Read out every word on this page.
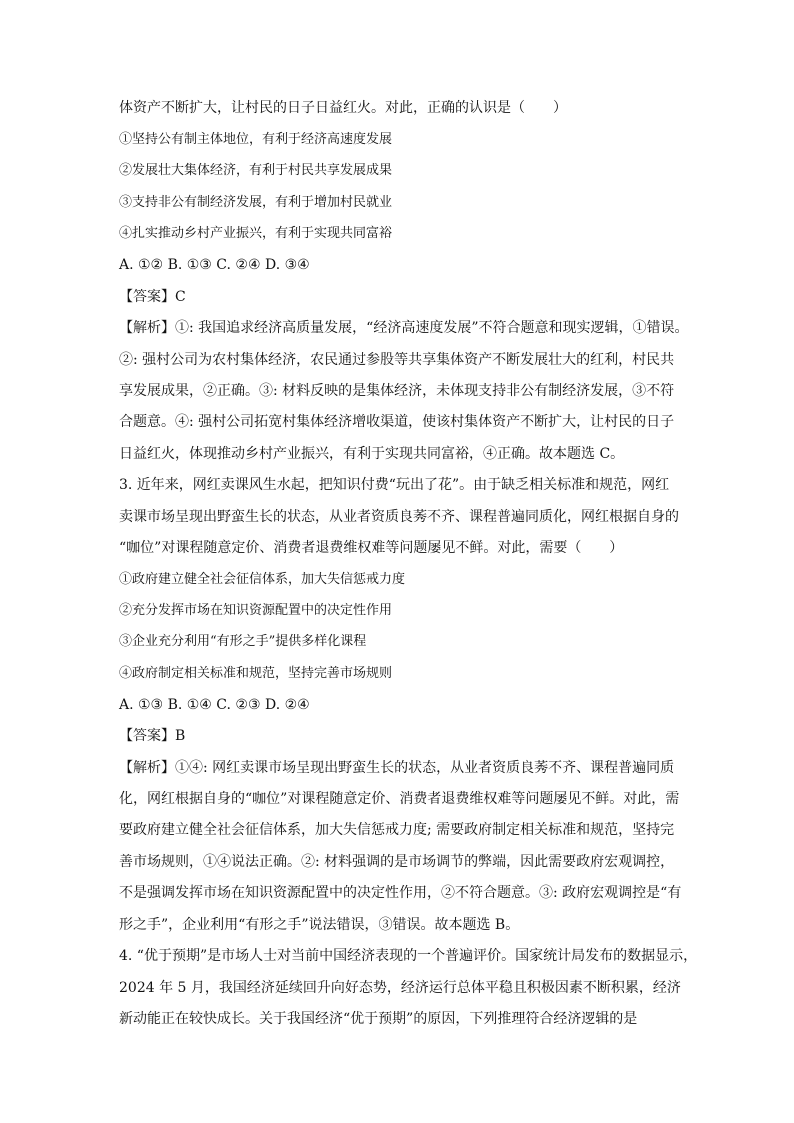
体资产不断扩大，让村民的日子日益红火。对此，正确的认识是（　　）
①坚持公有制主体地位，有利于经济高速度发展
②发展壮大集体经济，有利于村民共享发展成果
③支持非公有制经济发展，有利于增加村民就业
④扎实推动乡村产业振兴，有利于实现共同富裕
A. ①② B. ①③ C. ②④ D. ③④
【答案】C
【解析】①: 我国追求经济高质量发展，“经济高速度发展”不符合题意和现实逻辑，①错误。
②: 强村公司为农村集体经济，农民通过参股等共享集体资产不断发展壮大的红利，村民共
享发展成果，②正确。③: 材料反映的是集体经济，未体现支持非公有制经济发展，③不符
合题意。④: 强村公司拓宽村集体经济增收渠道，使该村集体资产不断扩大，让村民的日子
日益红火，体现推动乡村产业振兴，有利于实现共同富裕，④正确。故本题选 C。
3. 近年来，网红卖课风生水起，把知识付费“玩出了花”。由于缺乏相关标准和规范，网红
卖课市场呈现出野蛮生长的状态，从业者资质良莠不齐、课程普遍同质化，网红根据自身的
“咖位”对课程随意定价、消费者退费维权难等问题屡见不鲜。对此，需要（　　）
①政府建立健全社会征信体系，加大失信惩戒力度
②充分发挥市场在知识资源配置中的决定性作用
③企业充分利用“有形之手”提供多样化课程
④政府制定相关标准和规范，坚持完善市场规则
A. ①③ B. ①④ C. ②③ D. ②④
【答案】B
【解析】①④: 网红卖课市场呈现出野蛮生长的状态，从业者资质良莠不齐、课程普遍同质
化，网红根据自身的“咖位”对课程随意定价、消费者退费维权难等问题屡见不鲜。对此，需
要政府建立健全社会征信体系，加大失信惩戒力度; 需要政府制定相关标准和规范，坚持完
善市场规则，①④说法正确。②: 材料强调的是市场调节的弊端，因此需要政府宏观调控，
不是强调发挥市场在知识资源配置中的决定性作用，②不符合题意。③: 政府宏观调控是“有
形之手”，企业利用“有形之手”说法错误，③错误。故本题选 B。
4. “优于预期”是市场人士对当前中国经济表现的一个普遍评价。国家统计局发布的数据显示，
2024 年 5 月，我国经济延续回升向好态势，经济运行总体平稳且积极因素不断积累，经济
新动能正在较快成长。关于我国经济“优于预期”的原因，下列推理符合经济逻辑的是
